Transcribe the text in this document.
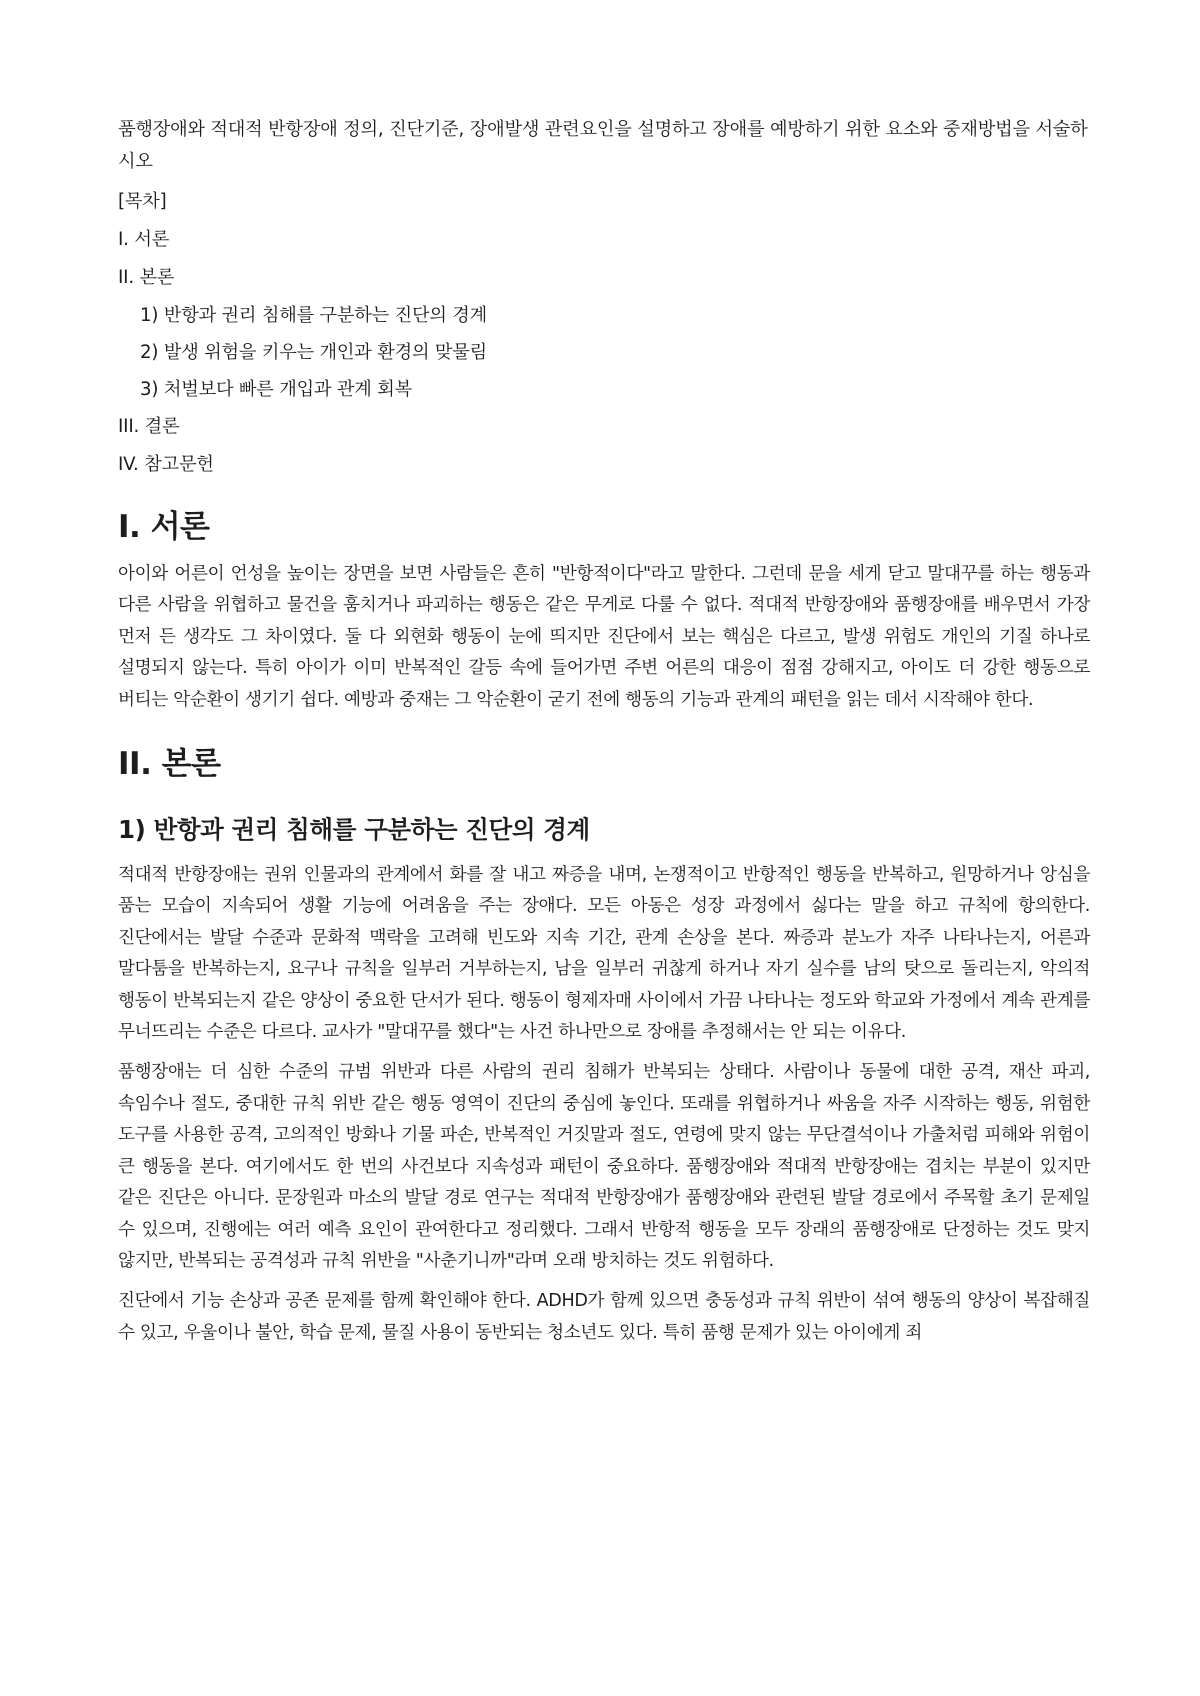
품행장애와 적대적 반항장애 정의, 진단기준, 장애발생 관련요인을 설명하고 장애를 예방하기 위한 요소와 중재방법을 서술하시오

[목차]
I. 서론
II. 본론
1) 반항과 권리 침해를 구분하는 진단의 경계
2) 발생 위험을 키우는 개인과 환경의 맞물림
3) 처벌보다 빠른 개입과 관계 회복
III. 결론
IV. 참고문헌
I. 서론

아이와 어른이 언성을 높이는 장면을 보면 사람들은 흔히 "반항적이다"라고 말한다. 그런데 문을 세게 닫고 말대꾸를 하는 행동과 다른 사람을 위협하고 물건을 훔치거나 파괴하는 행동은 같은 무게로 다룰 수 없다. 적대적 반항장애와 품행장애를 배우면서 가장 먼저 든 생각도 그 차이였다. 둘 다 외현화 행동이 눈에 띄지만 진단에서 보는 핵심은 다르고, 발생 위험도 개인의 기질 하나로 설명되지 않는다. 특히 아이가 이미 반복적인 갈등 속에 들어가면 주변 어른의 대응이 점점 강해지고, 아이도 더 강한 행동으로 버티는 악순환이 생기기 쉽다. 예방과 중재는 그 악순환이 굳기 전에 행동의 기능과 관계의 패턴을 읽는 데서 시작해야 한다.

II. 본론
1) 반항과 권리 침해를 구분하는 진단의 경계

적대적 반항장애는 권위 인물과의 관계에서 화를 잘 내고 짜증을 내며, 논쟁적이고 반항적인 행동을 반복하고, 원망하거나 앙심을 품는 모습이 지속되어 생활 기능에 어려움을 주는 장애다. 모든 아동은 성장 과정에서 싫다는 말을 하고 규칙에 항의한다. 진단에서는 발달 수준과 문화적 맥락을 고려해 빈도와 지속 기간, 관계 손상을 본다. 짜증과 분노가 자주 나타나는지, 어른과 말다툼을 반복하는지, 요구나 규칙을 일부러 거부하는지, 남을 일부러 귀찮게 하거나 자기 실수를 남의 탓으로 돌리는지, 악의적 행동이 반복되는지 같은 양상이 중요한 단서가 된다. 행동이 형제자매 사이에서 가끔 나타나는 정도와 학교와 가정에서 계속 관계를 무너뜨리는 수준은 다르다. 교사가 "말대꾸를 했다"는 사건 하나만으로 장애를 추정해서는 안 되는 이유다.

품행장애는 더 심한 수준의 규범 위반과 다른 사람의 권리 침해가 반복되는 상태다. 사람이나 동물에 대한 공격, 재산 파괴, 속임수나 절도, 중대한 규칙 위반 같은 행동 영역이 진단의 중심에 놓인다. 또래를 위협하거나 싸움을 자주 시작하는 행동, 위험한 도구를 사용한 공격, 고의적인 방화나 기물 파손, 반복적인 거짓말과 절도, 연령에 맞지 않는 무단결석이나 가출처럼 피해와 위험이 큰 행동을 본다. 여기에서도 한 번의 사건보다 지속성과 패턴이 중요하다. 품행장애와 적대적 반항장애는 겹치는 부분이 있지만 같은 진단은 아니다. 문장원과 마소의 발달 경로 연구는 적대적 반항장애가 품행장애와 관련된 발달 경로에서 주목할 초기 문제일 수 있으며, 진행에는 여러 예측 요인이 관여한다고 정리했다. 그래서 반항적 행동을 모두 장래의 품행장애로 단정하는 것도 맞지 않지만, 반복되는 공격성과 규칙 위반을 "사춘기니까"라며 오래 방치하는 것도 위험하다.

진단에서 기능 손상과 공존 문제를 함께 확인해야 한다. ADHD가 함께 있으면 충동성과 규칙 위반이 섞여 행동의 양상이 복잡해질 수 있고, 우울이나 불안, 학습 문제, 물질 사용이 동반되는 청소년도 있다. 특히 품행 문제가 있는 아이에게 죄
